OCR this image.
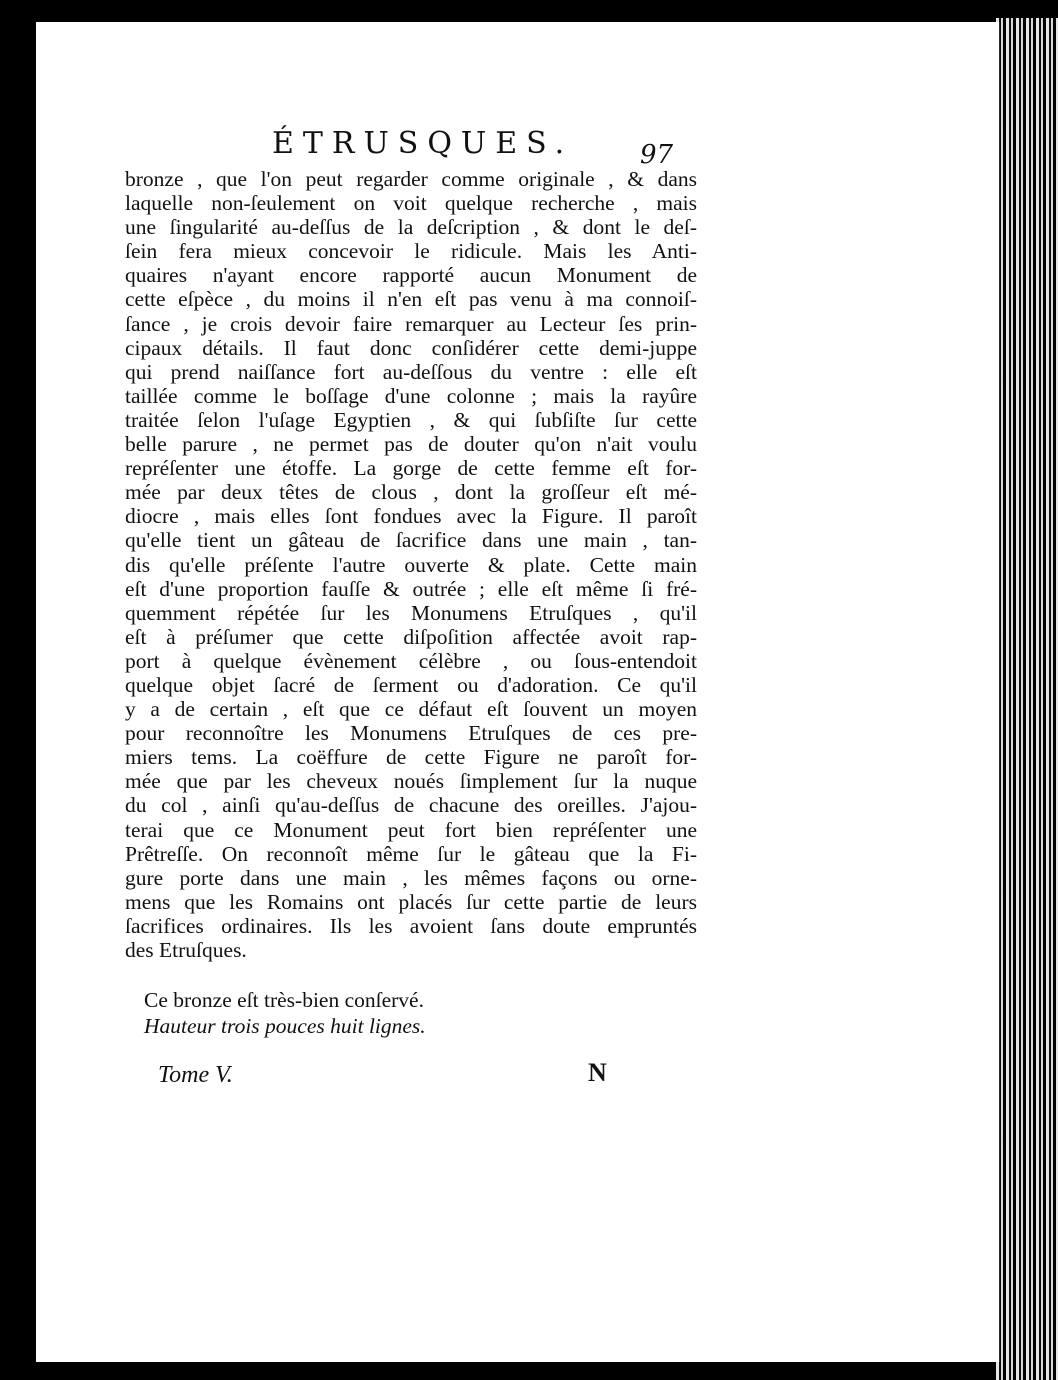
ÉTRUSQUES.	97
bronze , que l'on peut regarder comme originale , & dans
laquelle non-ſeulement on voit quelque recherche , mais
une ſingularité au-deſſus de la deſcription , & dont le deſ-
ſein fera mieux concevoir le ridicule. Mais les Anti-
quaires n'ayant encore rapporté aucun Monument de
cette eſpèce , du moins il n'en eſt pas venu à ma connoiſ-
ſance , je crois devoir faire remarquer au Lecteur ſes prin-
cipaux détails. Il faut donc conſidérer cette demi-juppe
qui prend naiſſance fort au-deſſous du ventre : elle eſt
taillée comme le boſſage d'une colonne ; mais la rayûre
traitée ſelon l'uſage Egyptien , & qui ſubſiſte ſur cette
belle parure , ne permet pas de douter qu'on n'ait voulu
repréſenter une étoffe. La gorge de cette femme eſt for-
mée par deux têtes de clous , dont la groſſeur eſt mé-
diocre , mais elles ſont fondues avec la Figure. Il paroît
qu'elle tient un gâteau de ſacrifice dans une main , tan-
dis qu'elle préſente l'autre ouverte & plate. Cette main
eſt d'une proportion fauſſe & outrée ; elle eſt même ſi fré-
quemment répétée ſur les Monumens Etruſques , qu'il
eſt à préſumer que cette diſpoſition affectée avoit rap-
port à quelque évènement célèbre , ou ſous-entendoit
quelque objet ſacré de ſerment ou d'adoration. Ce qu'il
y a de certain , eſt que ce défaut eſt ſouvent un moyen
pour reconnoître les Monumens Etruſques de ces pre-
miers tems. La coëffure de cette Figure ne paroît for-
mée que par les cheveux noués ſimplement ſur la nuque
du col , ainſi qu'au-deſſus de chacune des oreilles. J'ajou-
terai que ce Monument peut fort bien repréſenter une
Prêtreſſe. On reconnoît même ſur le gâteau que la Fi-
gure porte dans une main , les mêmes façons ou orne-
mens que les Romains ont placés ſur cette partie de leurs
ſacrifices ordinaires. Ils les avoient ſans doute empruntés
des Etruſques.
Ce bronze eſt très-bien conſervé.
Hauteur trois pouces huit lignes.
Tome V.	N
